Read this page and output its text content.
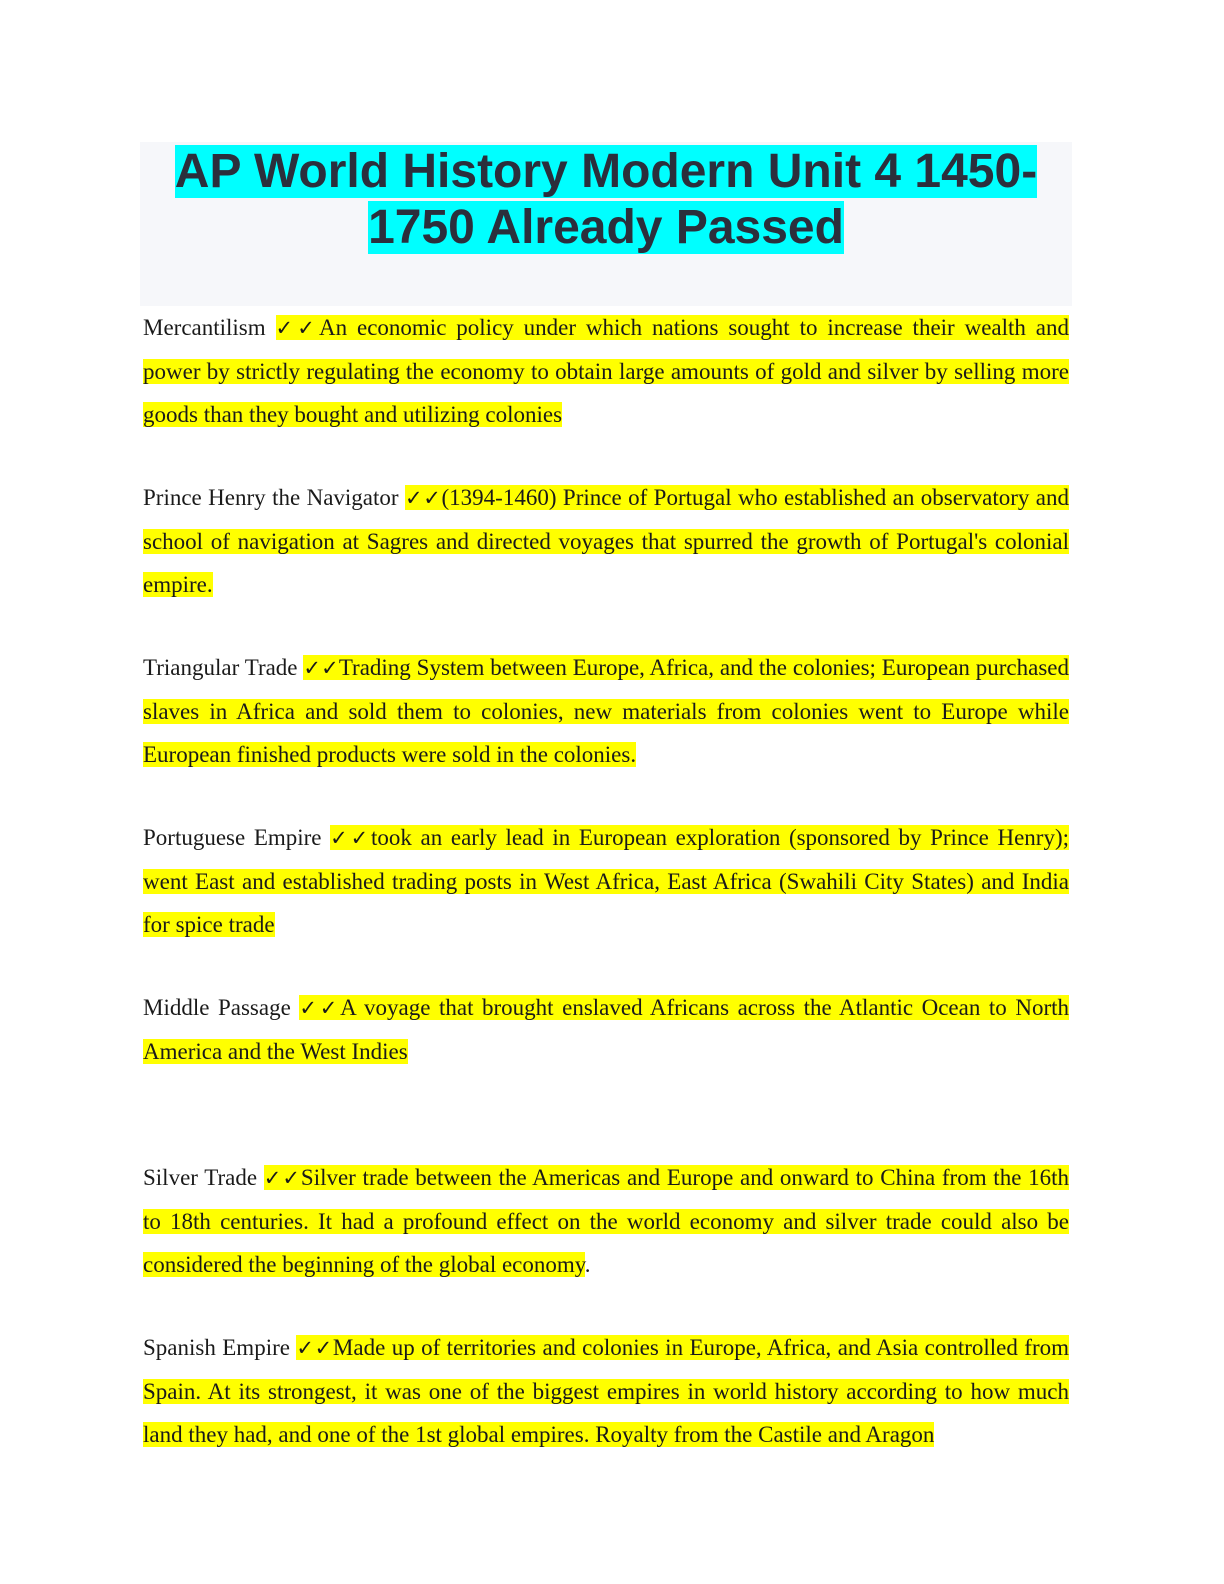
AP World History Modern Unit 4 1450-
1750 Already Passed

Mercantilism ✓✓An economic policy under which nations sought to increase their wealth and power by strictly regulating the economy to obtain large amounts of gold and silver by selling more goods than they bought and utilizing colonies

Prince Henry the Navigator ✓✓(1394-1460) Prince of Portugal who established an observatory and school of navigation at Sagres and directed voyages that spurred the growth of Portugal's colonial empire.

Triangular Trade ✓✓Trading System between Europe, Africa, and the colonies; European purchased slaves in Africa and sold them to colonies, new materials from colonies went to Europe while European finished products were sold in the colonies.

Portuguese Empire ✓✓took an early lead in European exploration (sponsored by Prince Henry); went East and established trading posts in West Africa, East Africa (Swahili City States) and India for spice trade

Middle Passage ✓✓A voyage that brought enslaved Africans across the Atlantic Ocean to North America and the West Indies

Silver Trade ✓✓Silver trade between the Americas and Europe and onward to China from the 16th to 18th centuries. It had a profound effect on the world economy and silver trade could also be considered the beginning of the global economy.

Spanish Empire ✓✓Made up of territories and colonies in Europe, Africa, and Asia controlled from Spain. At its strongest, it was one of the biggest empires in world history according to how much land they had, and one of the 1st global empires. Royalty from the Castile and Aragon
